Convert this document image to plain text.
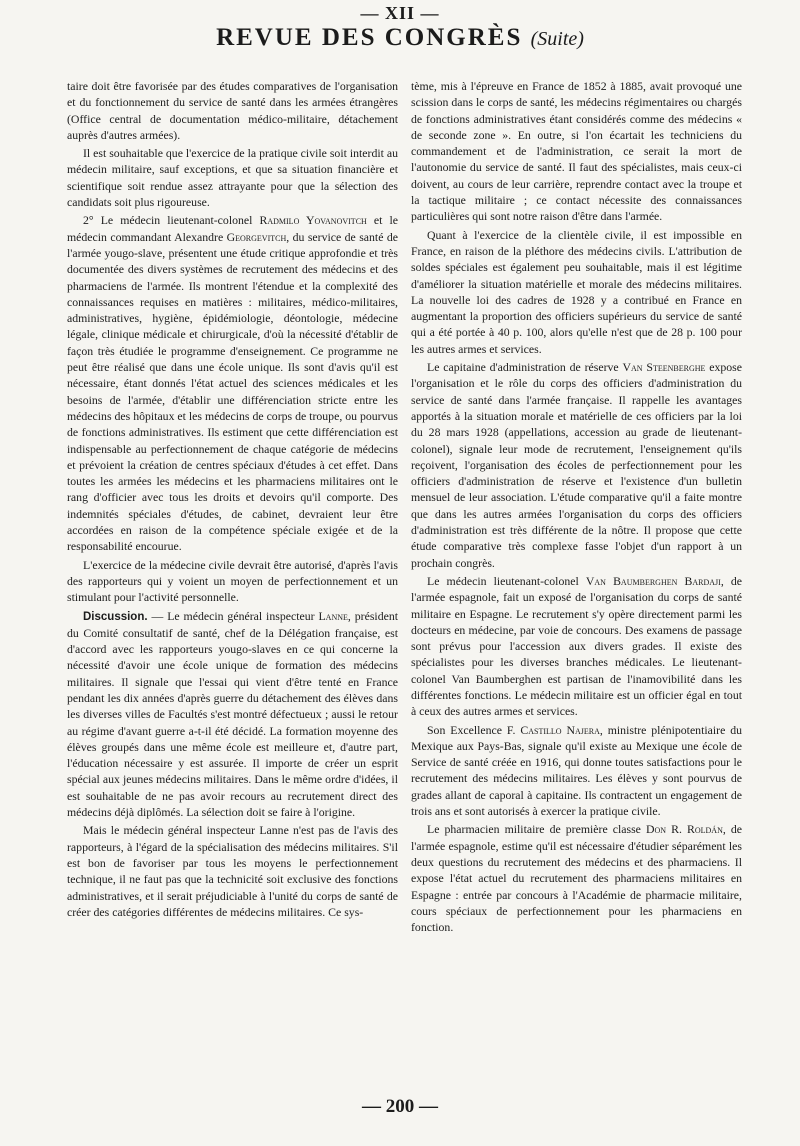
— XII —
REVUE DES CONGRÈS (Suite)

taire doit être favorisée par des études comparatives de l'organisation et du fonctionnement du service de santé dans les armées étrangères (Office central de documentation médico-militaire, détachement auprès d'autres armées).

Il est souhaitable que l'exercice de la pratique civile soit interdit au médecin militaire, sauf exceptions, et que sa situation financière et scientifique soit rendue assez attrayante pour que la sélection des candidats soit plus rigoureuse.

2° Le médecin lieutenant-colonel Radmilo Yovanovitch et le médecin commandant Alexandre Georgevitch, du service de santé de l'armée yougo-slave, présentent une étude critique approfondie et très documentée des divers systèmes de recrutement des médecins et des pharmaciens de l'armée. Ils montrent l'étendue et la complexité des connaissances requises en matières : militaires, médico-militaires, administratives, hygiène, épidémiologie, déontologie, médecine légale, clinique médicale et chirurgicale, d'où la nécessité d'établir de façon très étudiée le programme d'enseignement. Ce programme ne peut être réalisé que dans une école unique. Ils sont d'avis qu'il est nécessaire, étant donnés l'état actuel des sciences médicales et les besoins de l'armée, d'établir une différenciation stricte entre les médecins des hôpitaux et les médecins de corps de troupe, ou pourvus de fonctions administratives. Ils estiment que cette différenciation est indispensable au perfectionnement de chaque catégorie de médecins et prévoient la création de centres spéciaux d'études à cet effet. Dans toutes les armées les médecins et les pharmaciens militaires ont le rang d'officier avec tous les droits et devoirs qu'il comporte. Des indemnités spéciales d'études, de cabinet, devraient leur être accordées en raison de la compétence spéciale exigée et de la responsabilité encourue.

L'exercice de la médecine civile devrait être autorisé, d'après l'avis des rapporteurs qui y voient un moyen de perfectionnement et un stimulant pour l'activité personnelle.

Discussion. — Le médecin général inspecteur Lanne, président du Comité consultatif de santé, chef de la Délégation française, est d'accord avec les rapporteurs yougo-slaves en ce qui concerne la nécessité d'avoir une école unique de formation des médecins militaires. Il signale que l'essai qui vient d'être tenté en France pendant les dix années d'après guerre du détachement des élèves dans les diverses villes de Facultés s'est montré défectueux ; aussi le retour au régime d'avant guerre a-t-il été décidé. La formation moyenne des élèves groupés dans une même école est meilleure et, d'autre part, l'éducation nécessaire y est assurée. Il importe de créer un esprit spécial aux jeunes médecins militaires. Dans le même ordre d'idées, il est souhaitable de ne pas avoir recours au recrutement direct des médecins déjà diplômés. La sélection doit se faire à l'origine.

Mais le médecin général inspecteur Lanne n'est pas de l'avis des rapporteurs, à l'égard de la spécialisation des médecins militaires. S'il est bon de favoriser par tous les moyens le perfectionnement technique, il ne faut pas que la technicité soit exclusive des fonctions administratives, et il serait préjudiciable à l'unité du corps de santé de créer des catégories différentes de médecins militaires. Ce sys-

tème, mis à l'épreuve en France de 1852 à 1885, avait provoqué une scission dans le corps de santé, les médecins régimentaires ou chargés de fonctions administratives étant considérés comme des médecins « de seconde zone ». En outre, si l'on écartait les techniciens du commandement et de l'administration, ce serait la mort de l'autonomie du service de santé. Il faut des spécialistes, mais ceux-ci doivent, au cours de leur carrière, reprendre contact avec la troupe et la tactique militaire ; ce contact nécessite des connaissances particulières qui sont notre raison d'être dans l'armée.

Quant à l'exercice de la clientèle civile, il est impossible en France, en raison de la pléthore des médecins civils. L'attribution de soldes spéciales est également peu souhaitable, mais il est légitime d'améliorer la situation matérielle et morale des médecins militaires. La nouvelle loi des cadres de 1928 y a contribué en France en augmentant la proportion des officiers supérieurs du service de santé qui a été portée à 40 p. 100, alors qu'elle n'est que de 28 p. 100 pour les autres armes et services.

Le capitaine d'administration de réserve Van Steenberghe expose l'organisation et le rôle du corps des officiers d'administration du service de santé dans l'armée française. Il rappelle les avantages apportés à la situation morale et matérielle de ces officiers par la loi du 28 mars 1928 (appellations, accession au grade de lieutenant-colonel), signale leur mode de recrutement, l'enseignement qu'ils reçoivent, l'organisation des écoles de perfectionnement pour les officiers d'administration de réserve et l'existence d'un bulletin mensuel de leur association. L'étude comparative qu'il a faite montre que dans les autres armées l'organisation du corps des officiers d'administration est très différente de la nôtre. Il propose que cette étude comparative très complexe fasse l'objet d'un rapport à un prochain congrès.

Le médecin lieutenant-colonel Van Baumberghen Bardaji, de l'armée espagnole, fait un exposé de l'organisation du corps de santé militaire en Espagne. Le recrutement s'y opère directement parmi les docteurs en médecine, par voie de concours. Des examens de passage sont prévus pour l'accession aux divers grades. Il existe des spécialistes pour les diverses branches médicales. Le lieutenant-colonel Van Baumberghen est partisan de l'inamovibilité dans les différentes fonctions. Le médecin militaire est un officier égal en tout à ceux des autres armes et services.

Son Excellence F. Castillo Najera, ministre plénipotentiaire du Mexique aux Pays-Bas, signale qu'il existe au Mexique une école de Service de santé créée en 1916, qui donne toutes satisfactions pour le recrutement des médecins militaires. Les élèves y sont pourvus de grades allant de caporal à capitaine. Ils contractent un engagement de trois ans et sont autorisés à exercer la pratique civile.

Le pharmacien militaire de première classe Don R. Roldán, de l'armée espagnole, estime qu'il est nécessaire d'étudier séparément les deux questions du recrutement des médecins et des pharmaciens. Il expose l'état actuel du recrutement des pharmaciens militaires en Espagne : entrée par concours à l'Académie de pharmacie militaire, cours spéciaux de perfectionnement pour les pharmaciens en fonction.

— 200 —
